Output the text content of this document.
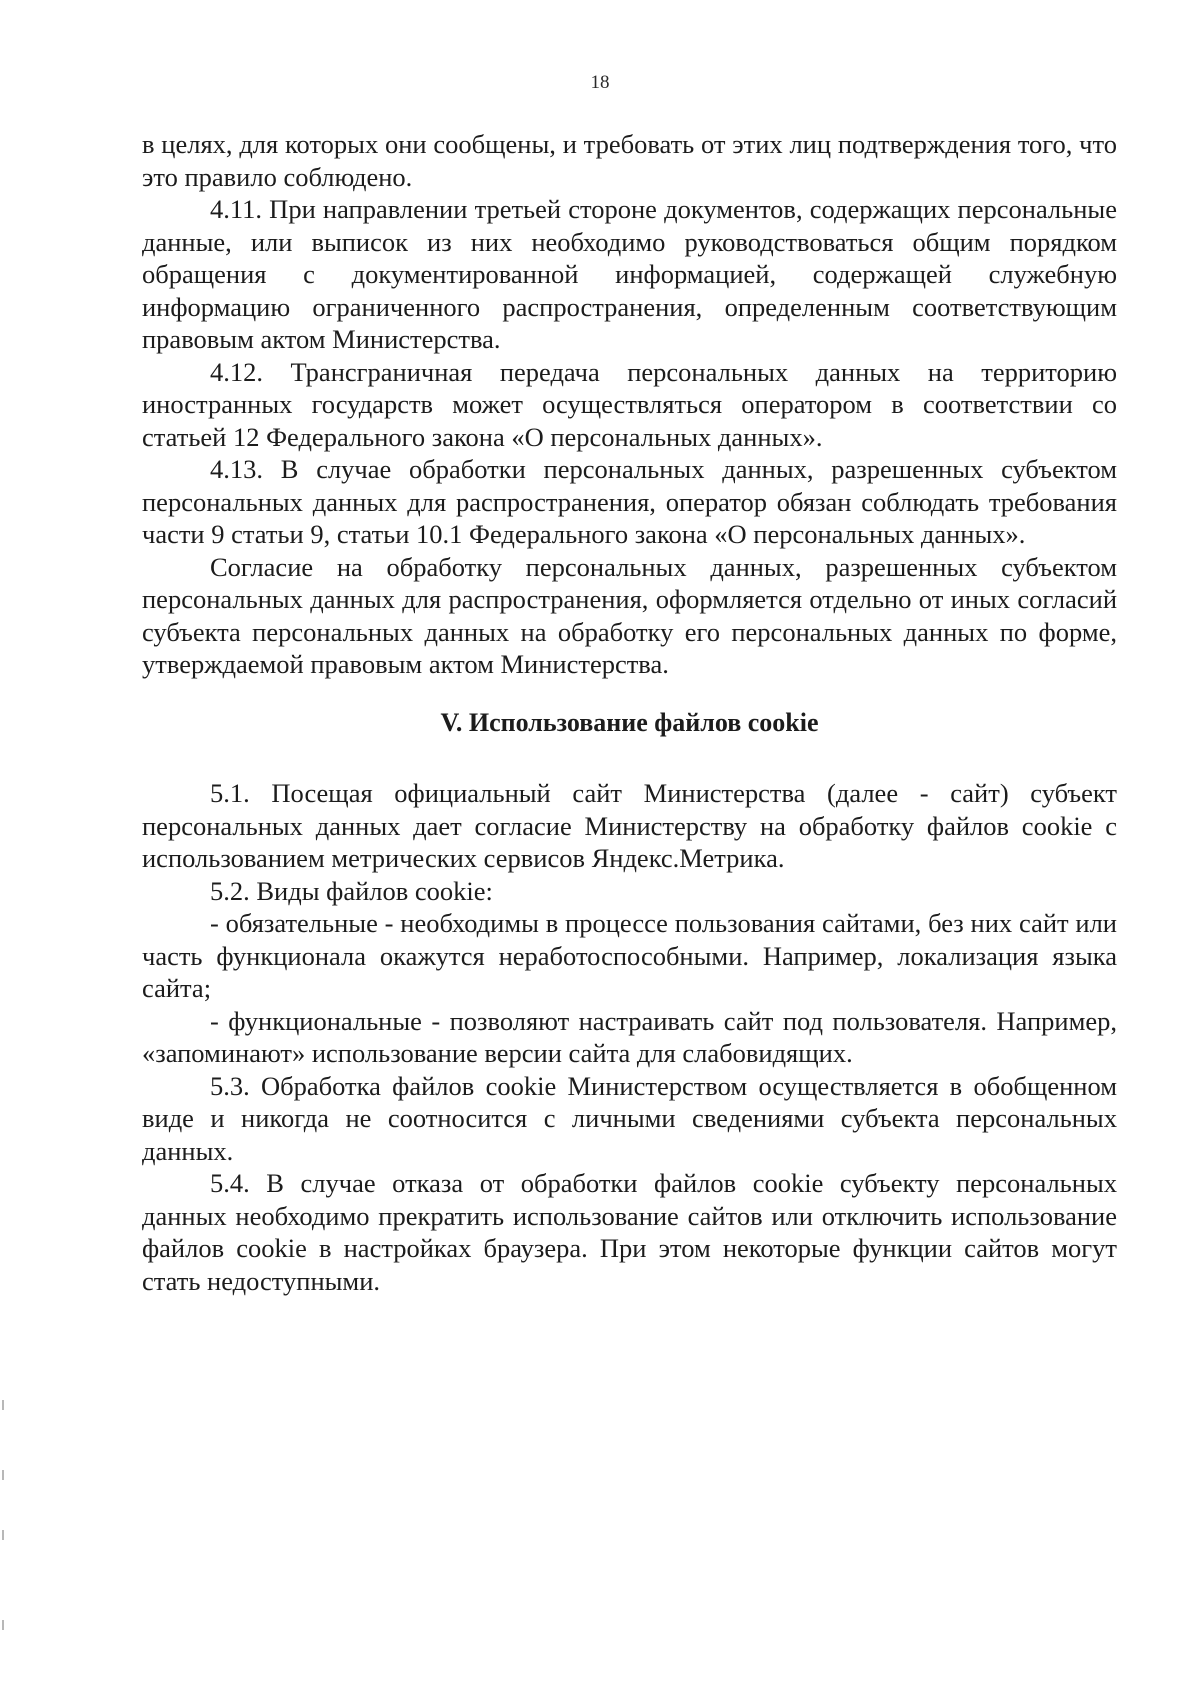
18

в целях, для которых они сообщены, и требовать от этих лиц подтверждения того, что это правило соблюдено.

4.11. При направлении третьей стороне документов, содержащих персональные данные, или выписок из них необходимо руководствоваться общим порядком обращения с документированной информацией, содержащей служебную информацию ограниченного распространения, определенным соответствующим правовым актом Министерства.

4.12. Трансграничная передача персональных данных на территорию иностранных государств может осуществляться оператором в соответствии со статьей 12 Федерального закона «О персональных данных».

4.13. В случае обработки персональных данных, разрешенных субъектом персональных данных для распространения, оператор обязан соблюдать требования части 9 статьи 9, статьи 10.1 Федерального закона «О персональных данных».

Согласие на обработку персональных данных, разрешенных субъектом персональных данных для распространения, оформляется отдельно от иных согласий субъекта персональных данных на обработку его персональных данных по форме, утверждаемой правовым актом Министерства.

V. Использование файлов cookie

5.1. Посещая официальный сайт Министерства (далее - сайт) субъект персональных данных дает согласие Министерству на обработку файлов cookie с использованием метрических сервисов Яндекс.Метрика.

5.2. Виды файлов cookie:

- обязательные - необходимы в процессе пользования сайтами, без них сайт или часть функционала окажутся неработоспособными. Например, локализация языка сайта;

- функциональные - позволяют настраивать сайт под пользователя. Например, «запоминают» использование версии сайта для слабовидящих.

5.3. Обработка файлов cookie Министерством осуществляется в обобщенном виде и никогда не соотносится с личными сведениями субъекта персональных данных.

5.4. В случае отказа от обработки файлов cookie субъекту персональных данных необходимо прекратить использование сайтов или отключить использование файлов cookie в настройках браузера. При этом некоторые функции сайтов могут стать недоступными.
